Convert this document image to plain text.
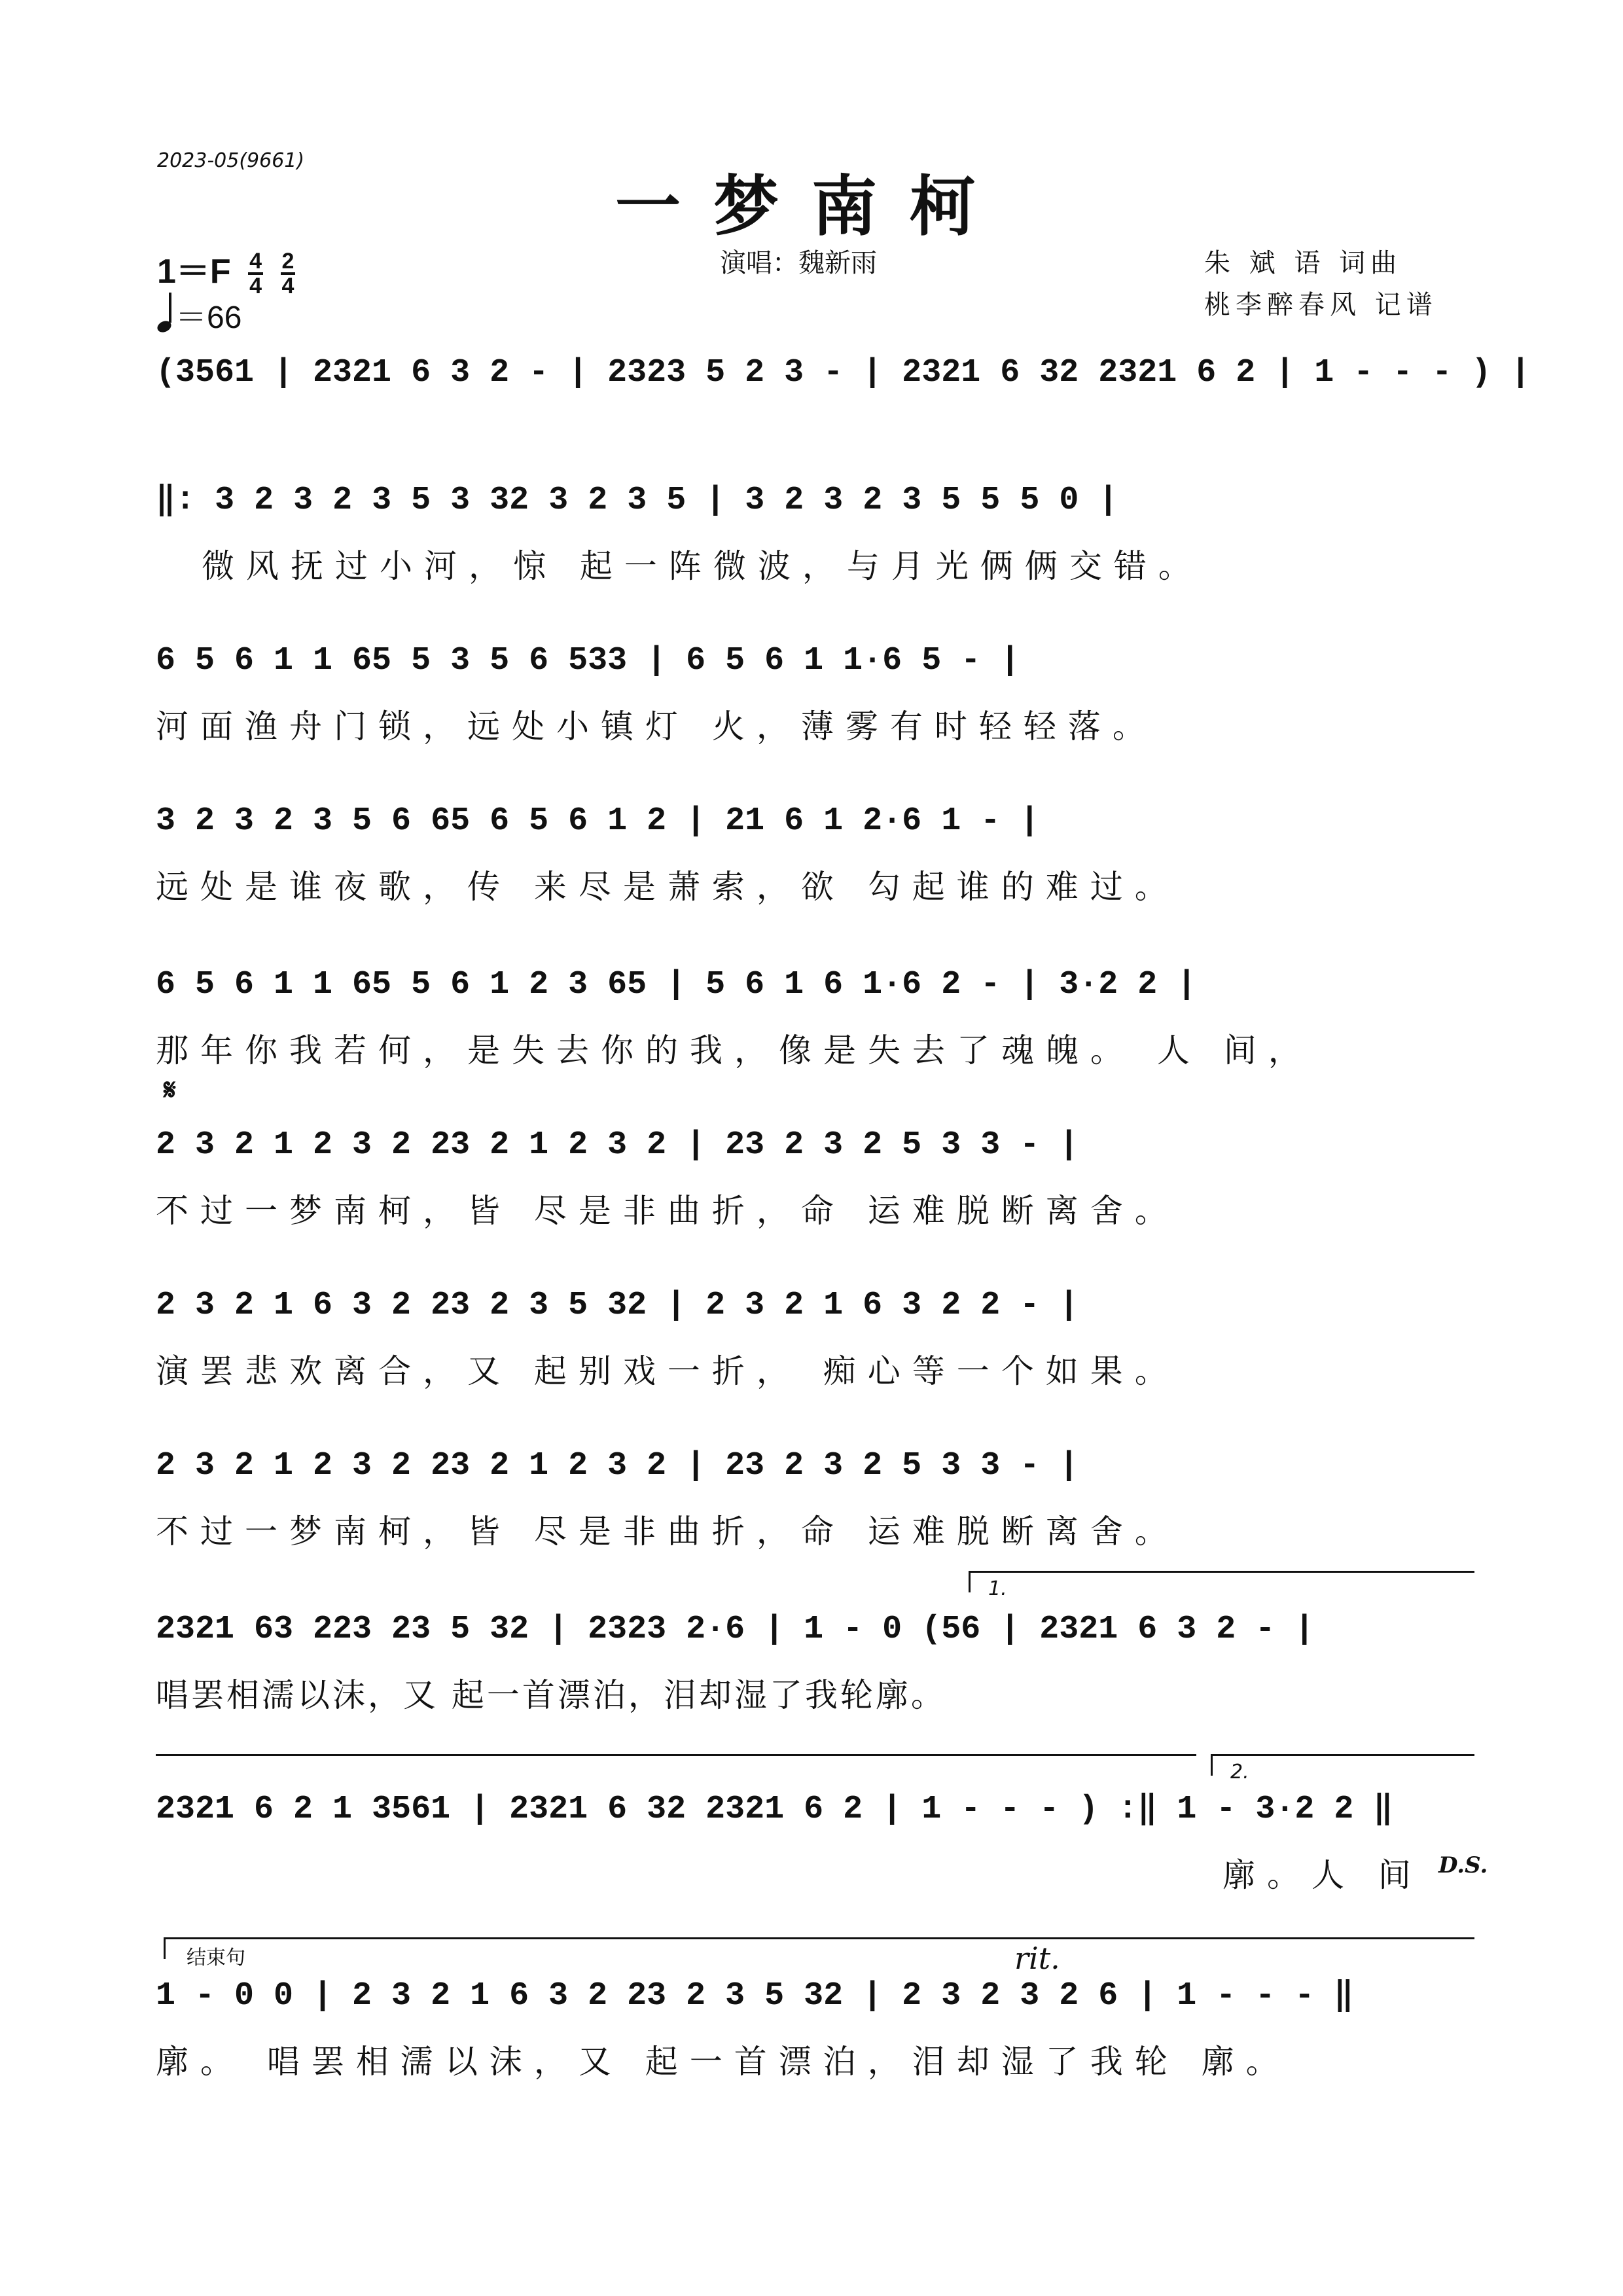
2023-05(9661)
一梦南柯
$1=F \frac{4}{4}$
$\frac{2}{4}$
＝66
演唱：魏新雨	朱 斌 语 词曲
桃李醉春风 记谱
(3561 | 2321 6 3 2 - | 2323 5 2 3 - | 2321 6 32 2321 6 2 | 1 - - - ) |
‖: 3 2 3 2 3 5 3 32 3 2 3 5 | 3 2 3 2 3 5 5 5 0 |
微风抚过小河，惊 起一阵微波，与月光俩俩交错。
6 5 6 1 1 65 5 3 5 6 533 | 6 5 6 1 1·6 5 - |
河面渔舟门锁，远处小镇灯 火，薄雾有时轻轻落。
3 2 3 2 3 5 6 65 6 5 6 1 2 | 21 6 1 2·6 1 - |
远处是谁夜歌，传 来尽是萧索，欲 勾起谁的难过。
6 5 6 1 1 65 5 6 1 2 3 65 | 5 6 1 6 1·6 2 - | 3·2 2 |
那年你我若何，是失去你的我，像是失去了魂魄。 人 间，
𝄋
2 3 2 1 2 3 2 23 2 1 2 3 2 | 23 2 3 2 5 3 3 - |
不过一梦南柯，皆 尽是非曲折，命 运难脱断离舍。
2 3 2 1 6 3 2 23 2 3 5 32 | 2 3 2 1 6 3 2 2 - |
演罢悲欢离合，又 起别戏一折， 痴心等一个如果。
2 3 2 1 2 3 2 23 2 1 2 3 2 | 23 2 3 2 5 3 3 - |
不过一梦南柯，皆 尽是非曲折，命 运难脱断离舍。
1.
2321 63 223 23 5 32 | 2323 2·6 | 1 - 0 (56 | 2321 6 3 2 - |
唱罢相濡以沫，又 起一首漂泊，泪却湿了我轮廓。
2.
2321 6 2 1 3561 | 2321 6 32 2321 6 2 | 1 - - - ) :‖ 1 - 3·2 2 ‖
廓。人 间 D.S.
结束句	rit.
1 - 0 0 | 2 3 2 1 6 3 2 23 2 3 5 32 | 2 3 2 3 2 6 | 1 - - - ‖
廓。 唱罢相濡以沫，又 起一首漂泊，泪却湿了我轮 廓。
